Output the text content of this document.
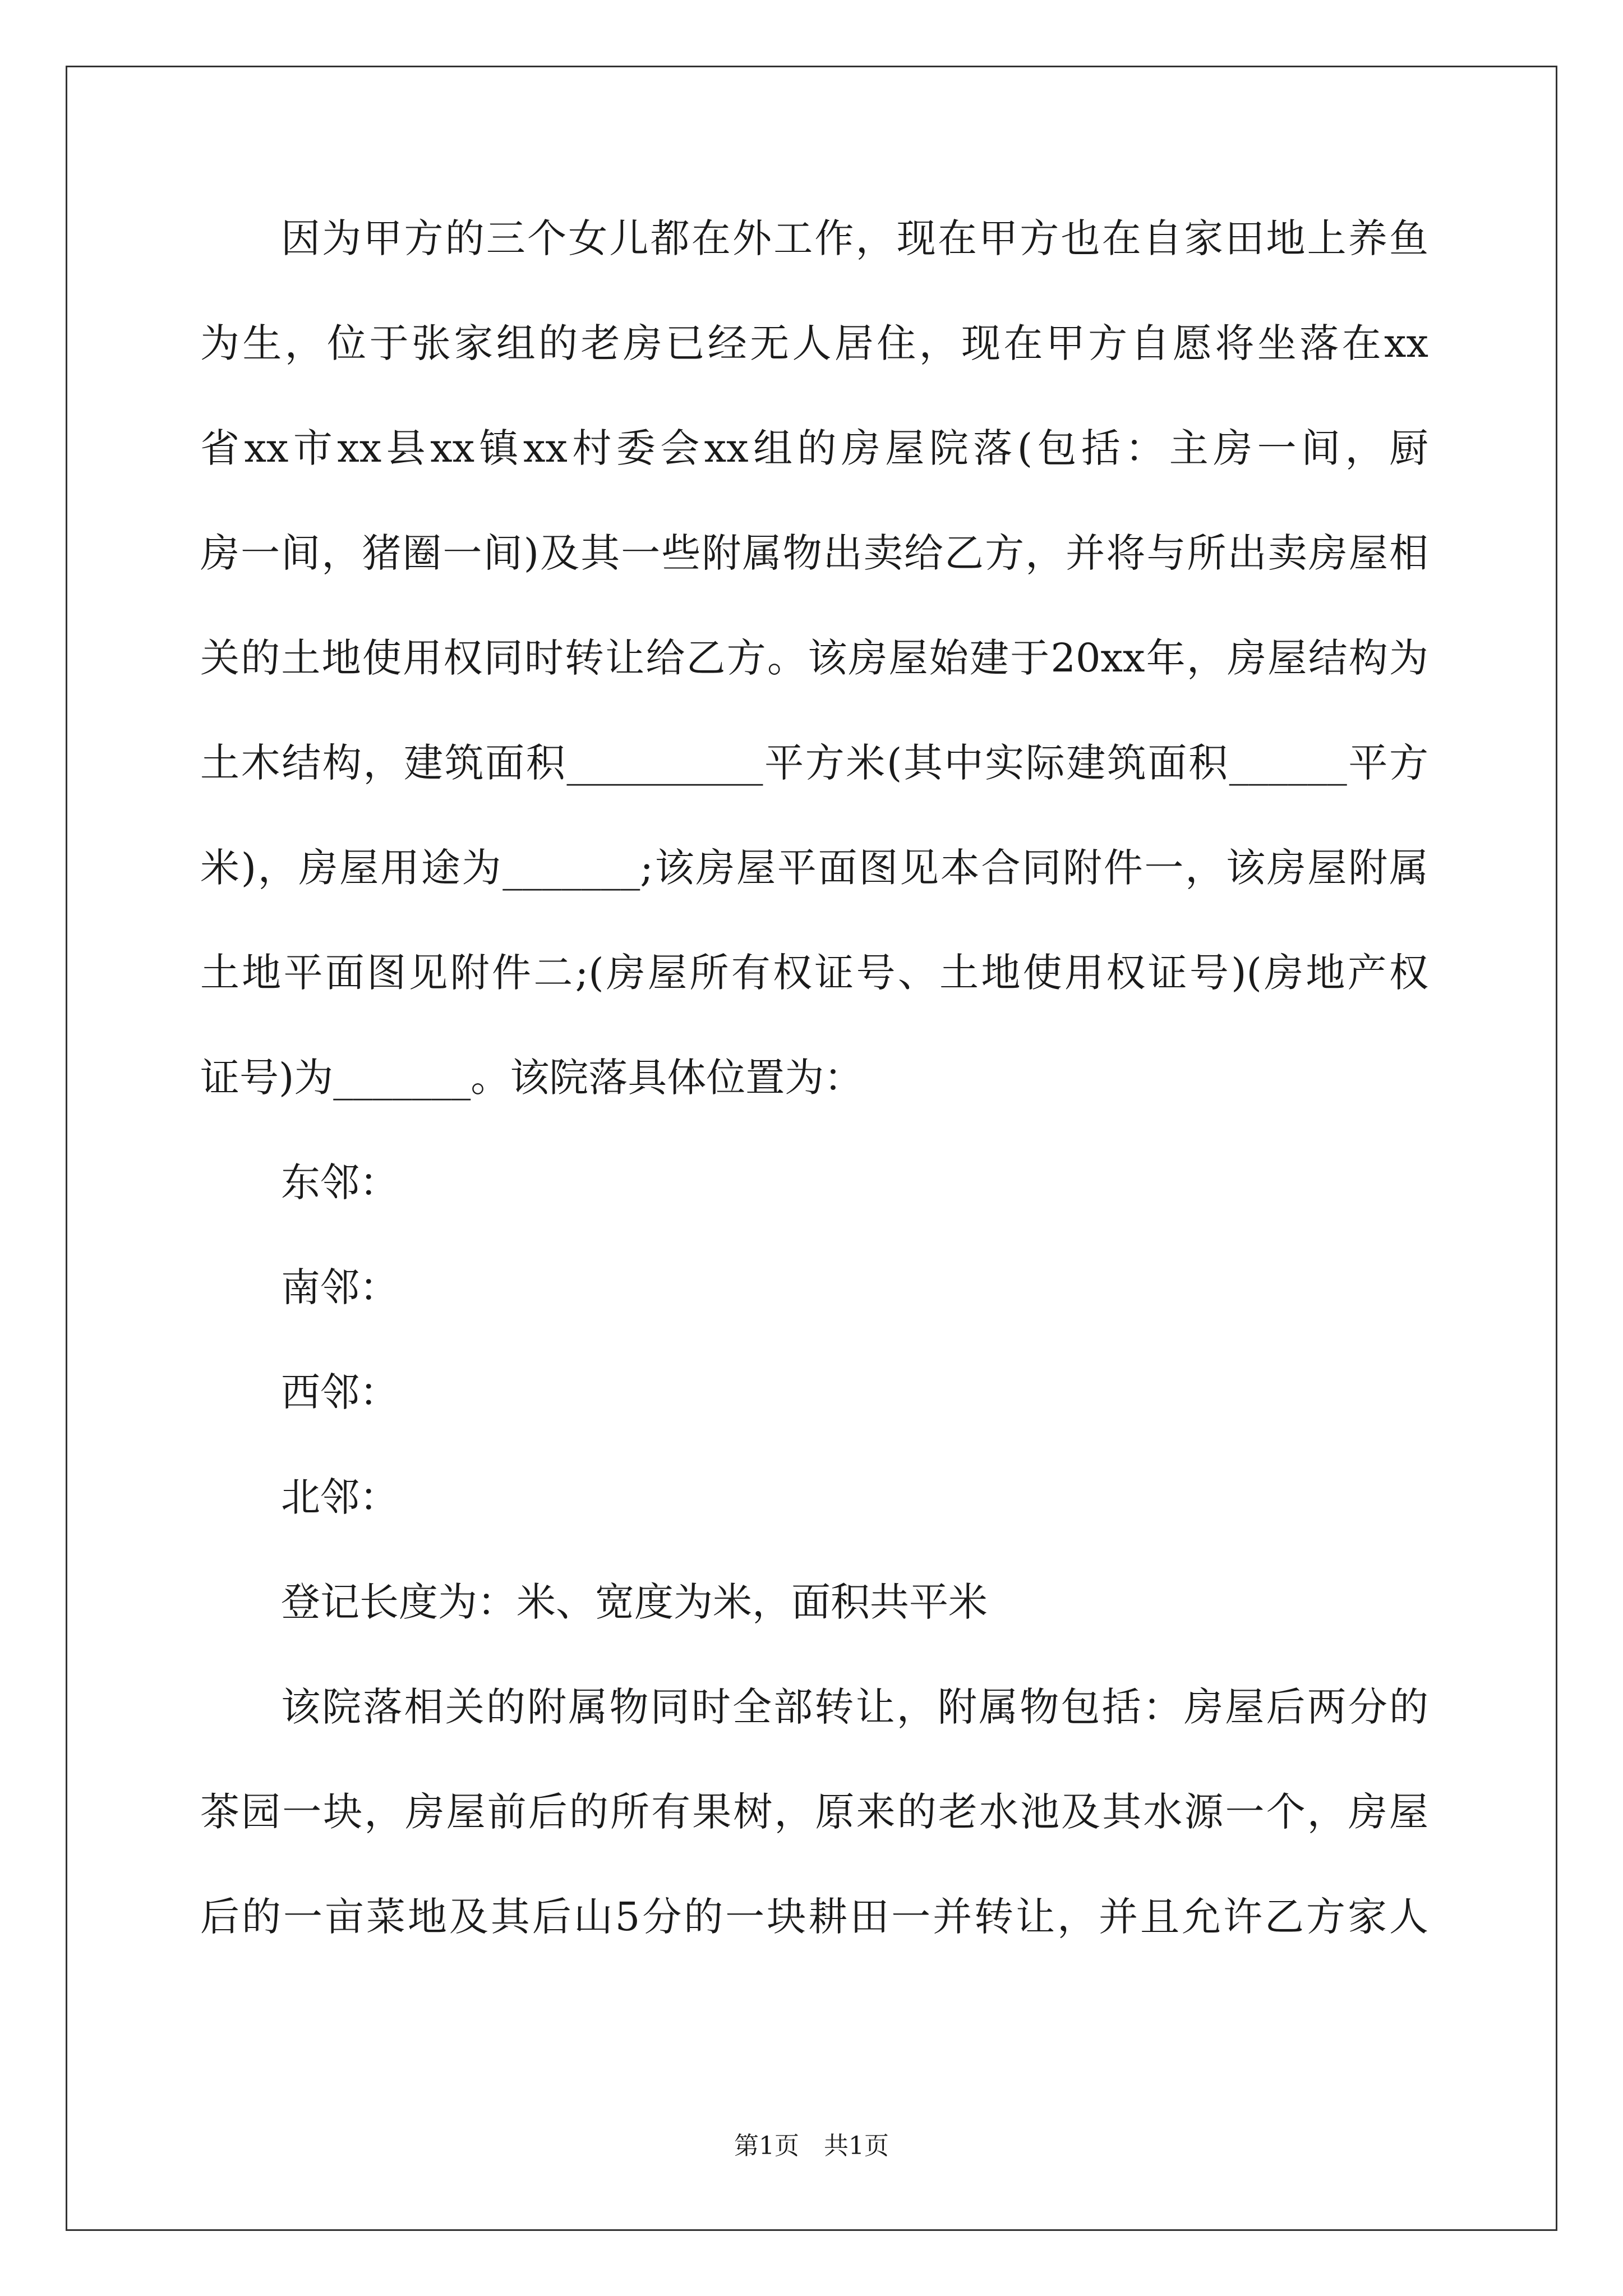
因为甲方的三个女儿都在外工作，现在甲方也在自家田地上养鱼
为生，位于张家组的老房已经无人居住，现在甲方自愿将坐落在xx
省xx市xx县xx镇xx村委会xx组的房屋院落(包括：主房一间，厨
房一间，猪圈一间)及其一些附属物出卖给乙方，并将与所出卖房屋相
关的土地使用权同时转让给乙方。该房屋始建于20xx年，房屋结构为
土木结构，建筑面积__________平方米(其中实际建筑面积______平方
米)，房屋用途为_______;该房屋平面图见本合同附件一，该房屋附属
土地平面图见附件二;(房屋所有权证号、土地使用权证号)(房地产权
证号)为_______。该院落具体位置为：
东邻：
南邻：
西邻：
北邻：
登记长度为：米、宽度为米，面积共平米
该院落相关的附属物同时全部转让，附属物包括：房屋后两分的
茶园一块，房屋前后的所有果树，原来的老水池及其水源一个，房屋
后的一亩菜地及其后山5分的一块耕田一并转让，并且允许乙方家人
第1页　共1页
